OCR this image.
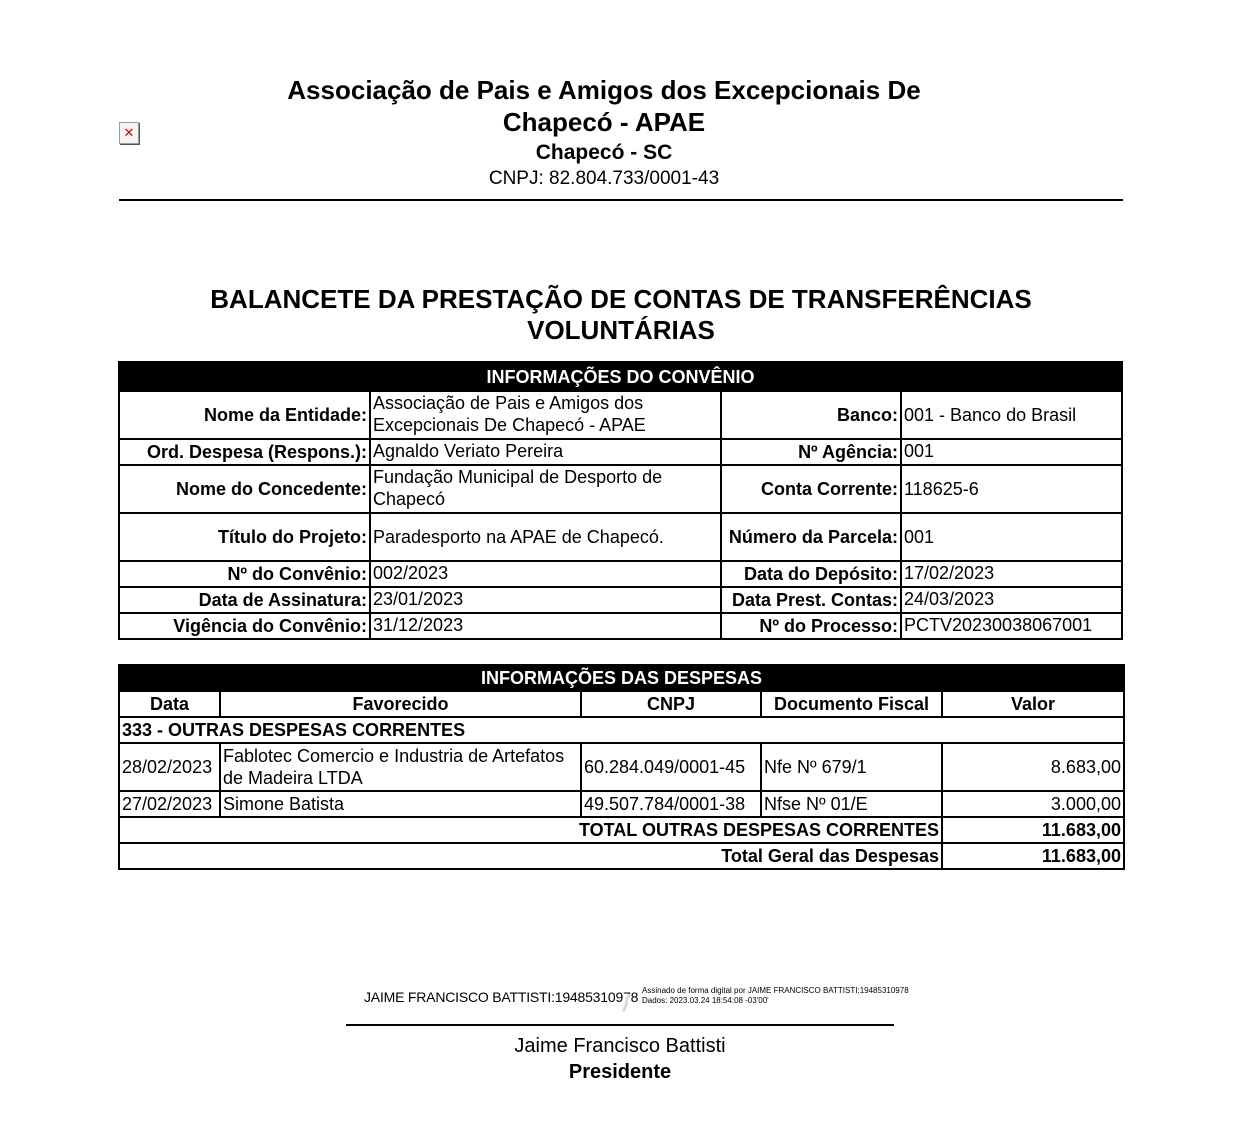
✕
Associação de Pais e Amigos dos Excepcionais De Chapecó - APAE
Chapecó - SC
CNPJ: 82.804.733/0001-43
BALANCETE DA PRESTAÇÃO DE CONTAS DE TRANSFERÊNCIAS VOLUNTÁRIAS
INFORMAÇÕES DO CONVÊNIO			
Nome da Entidade:	Associação de Pais e Amigos dos Excepcionais De Chapecó - APAE	Banco:	001 - Banco do Brasil
Ord. Despesa (Respons.):	Agnaldo Veriato Pereira	Nº Agência:	001
Nome do Concedente:	Fundação Municipal de Desporto de Chapecó	Conta Corrente:	118625-6
Título do Projeto:	Paradesporto na APAE de Chapecó.	Número da Parcela:	001
Nº do Convênio:	002/2023	Data do Depósito:	17/02/2023
Data de Assinatura:	23/01/2023	Data Prest. Contas:	24/03/2023
Vigência do Convênio:	31/12/2023	Nº do Processo:	PCTV20230038067001
INFORMAÇÕES DAS DESPESAS				
Data	Favorecido	CNPJ	Documento Fiscal	Valor
333 - OUTRAS DESPESAS CORRENTES				
28/02/2023	Fablotec Comercio e Industria de Artefatos de Madeira LTDA	60.284.049/0001-45	Nfe Nº 679/1	8.683,00
27/02/2023	Simone Batista	49.507.784/0001-38	Nfse Nº 01/E	3.000,00
TOTAL OUTRAS DESPESAS CORRENTES				11.683,00
Total Geral das Despesas				11.683,00
JAIME FRANCISCO BATTISTI:19485310978 Assinado de forma digital por JAIME FRANCISCO BATTISTI:19485310978
Dados: 2023.03.24 18:54:08 -03'00'
Jaime Francisco Battisti
Presidente
